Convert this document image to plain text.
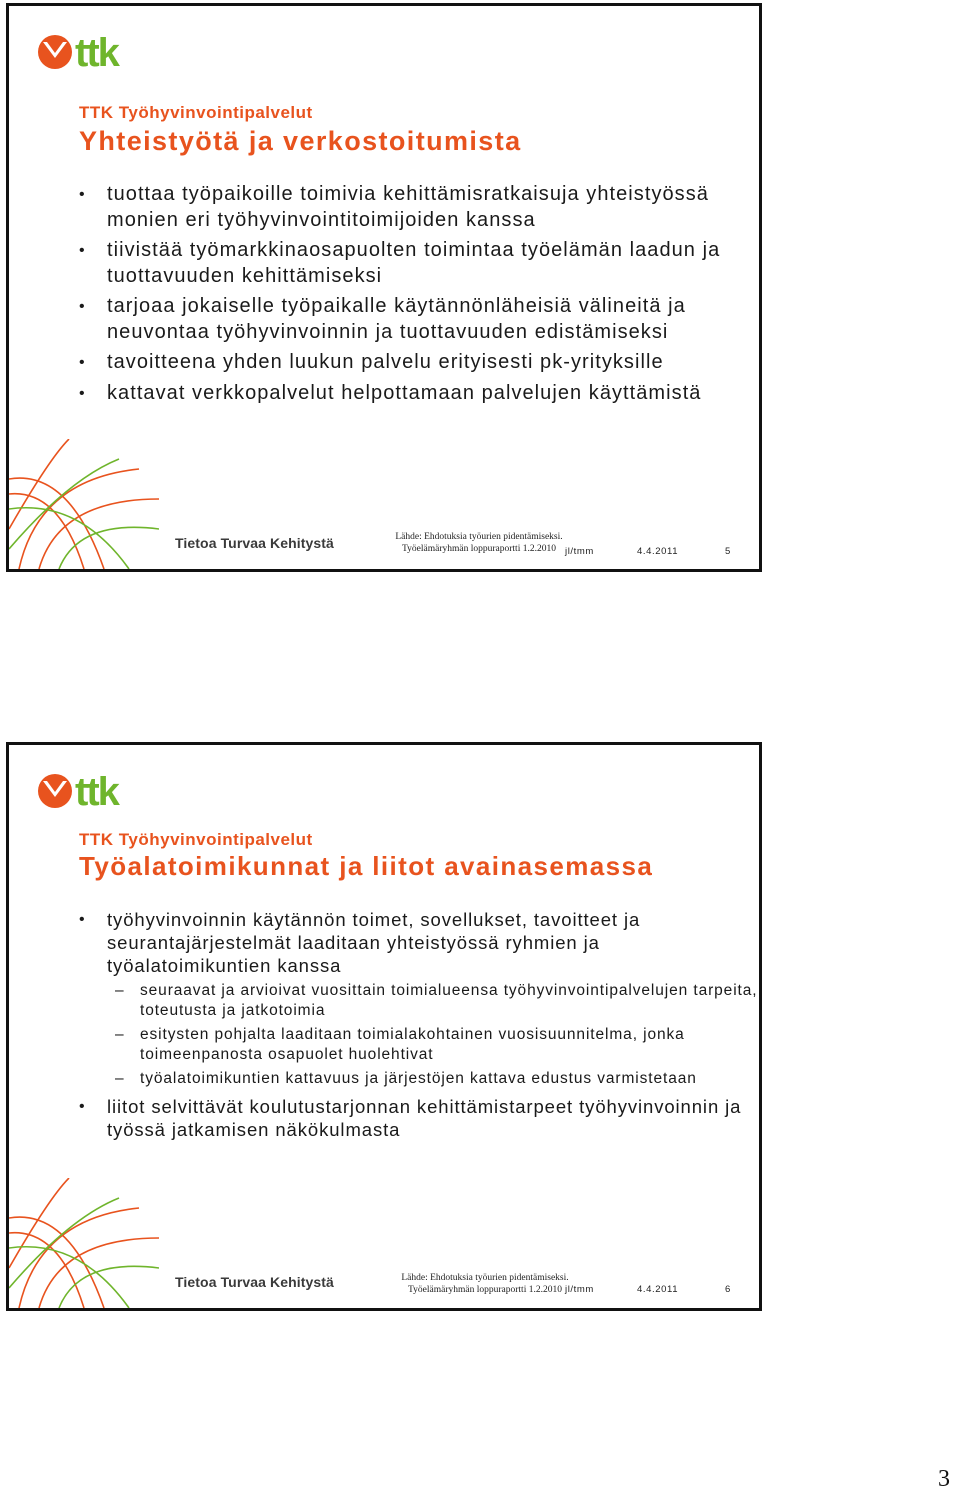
ttk
TTK Työhyvinvointipalvelut
Yhteistyötä ja verkostoitumista
• tuottaa työpaikoille toimivia kehittämisratkaisuja yhteistyössä monien eri työhyvinvointitoimijoiden kanssa
• tiivistää työmarkkinaosapuolten toimintaa työelämän laadun ja tuottavuuden kehittämiseksi
• tarjoaa jokaiselle työpaikalle käytännönläheisiä välineitä ja neuvontaa työhyvinvoinnin ja tuottavuuden edistämiseksi
• tavoitteena yhden luukun palvelu erityisesti pk-yrityksille
• kattavat verkkopalvelut helpottamaan palvelujen käyttämistä
Tietoa Turvaa Kehitystä	Lähde: Ehdotuksia työurien pidentämiseksi.
Työelämäryhmän loppuraportti 1.2.2010 jl/tmm	4.4.2011	5
ttk
TTK Työhyvinvointipalvelut
Työalatoimikunnat ja liitot avainasemassa
• työhyvinvoinnin käytännön toimet, sovellukset, tavoitteet ja seurantajärjestelmät laaditaan yhteistyössä ryhmien ja työalatoimikuntien kanssa
– seuraavat ja arvioivat vuosittain toimialueensa työhyvinvointipalvelujen tarpeita, toteutusta ja jatkotoimia
– esitysten pohjalta laaditaan toimialakohtainen vuosisuunnitelma, jonka toimeenpanosta osapuolet huolehtivat
– työalatoimikuntien kattavuus ja järjestöjen kattava edustus varmistetaan
• liitot selvittävät koulutustarjonnan kehittämistarpeet työhyvinvoinnin ja työssä jatkamisen näkökulmasta
Tietoa Turvaa Kehitystä	Lähde: Ehdotuksia työurien pidentämiseksi.
Työelämäryhmän loppuraportti 1.2.2010 jl/tmm	4.4.2011	6
3
